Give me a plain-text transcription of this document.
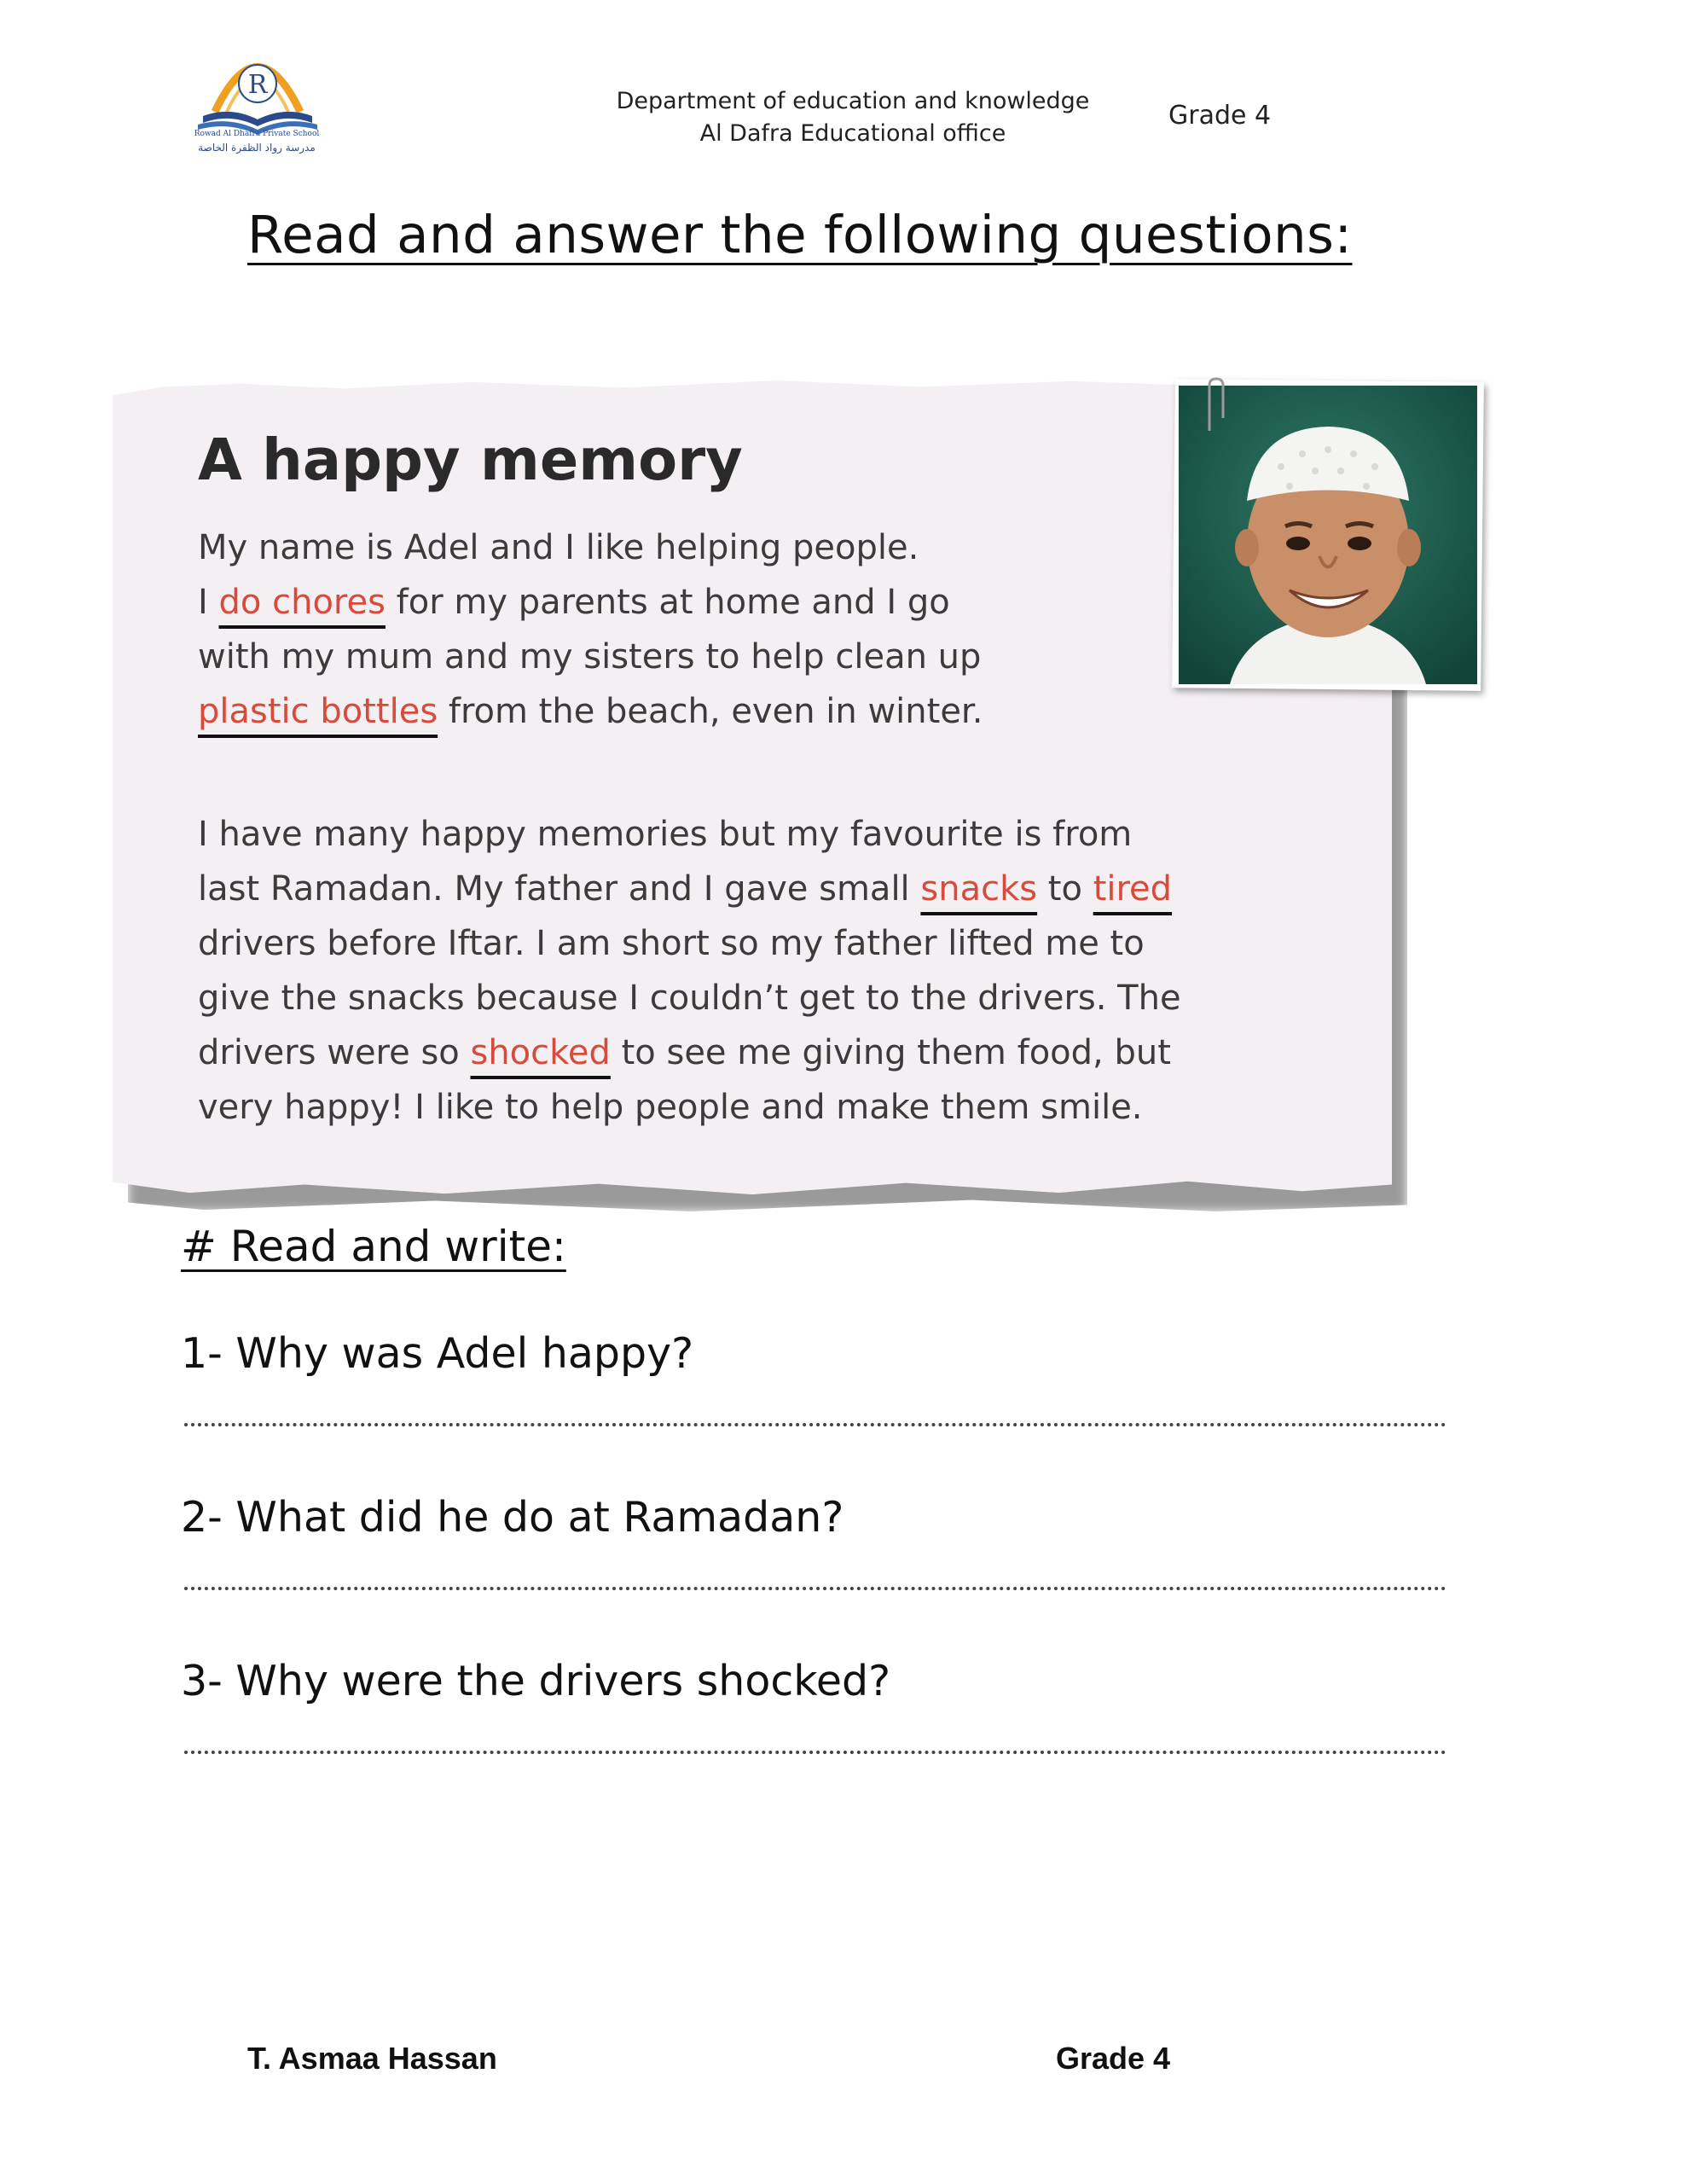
R
Rowad Al Dhafra Private School
مدرسة رواد الظفرة الخاصة
Department of education and knowledge
Al Dafra Educational office
Grade 4
Read and answer the following questions:
A happy memory
My name is Adel and I like helping people.
I do chores for my parents at home and I go
with my mum and my sisters to help clean up
plastic bottles from the beach, even in winter.
I have many happy memories but my favourite is from
last Ramadan. My father and I gave small snacks to tired
drivers before Iftar. I am short so my father lifted me to
give the snacks because I couldn’t get to the drivers. The
drivers were so shocked to see me giving them food, but
very happy! I like to help people and make them smile.
# Read and write:
1- Why was Adel happy?
2- What did he do at Ramadan?
3- Why were the drivers shocked?
T. Asmaa Hassan	Grade 4
